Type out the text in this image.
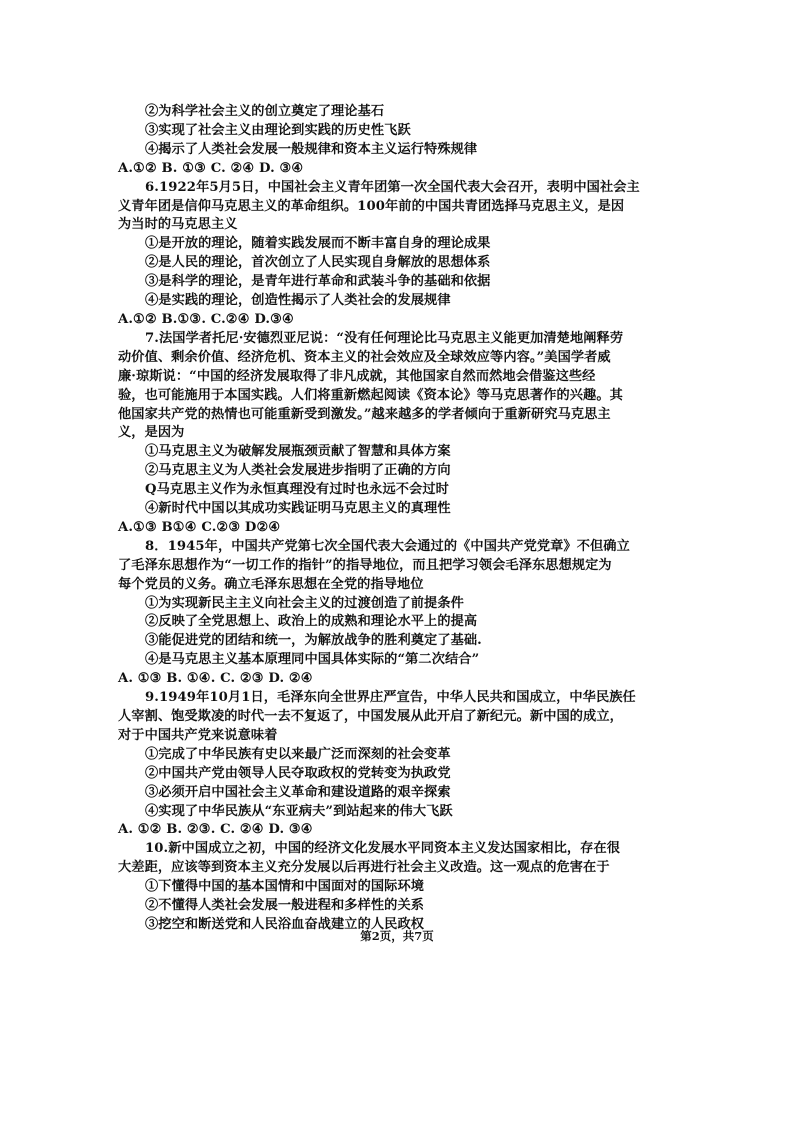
②为科学社会主义的创立奠定了理论基石
③实现了社会主义由理论到实践的历史性飞跃
④揭示了人类社会发展一般规律和资本主义运行特殊规律
A.①② B. ①③ C. ②④ D. ③④
6.1922年5月5日，中国社会主义青年团第一次全国代表大会召开，表明中国社会主
义青年团是信仰马克思主义的革命组织。100年前的中国共青团选择马克思主义，是因
为当时的马克思主义
①是开放的理论，随着实践发展而不断丰富自身的理论成果
②是人民的理论，首次创立了人民实现自身解放的思想体系
③是科学的理论，是青年进行革命和武装斗争的基础和依据
④是实践的理论，创造性揭示了人类社会的发展规律
A.①② B.①③. C.②④ D.③④
7.法国学者托尼·安德烈亚尼说：“没有任何理论比马克思主义能更加清楚地阐释劳
动价值、剩余价值、经济危机、资本主义的社会效应及全球效应等内容。”美国学者威
廉·琼斯说：“中国的经济发展取得了非凡成就，其他国家自然而然地会借鉴这些经
验，也可能施用于本国实践。人们将重新燃起阅读《资本论》等马克思著作的兴趣。其
他国家共产党的热情也可能重新受到激发。”越来越多的学者倾向于重新研究马克思主
义，是因为
①马克思主义为破解发展瓶颈贡献了智慧和具体方案
②马克思主义为人类社会发展进步指明了正确的方向
Q马克思主义作为永恒真理没有过时也永远不会过时
④新时代中国以其成功实践证明马克思主义的真理性
A.①③ B①④ C.②③ D②④
8．1945年，中国共产党第七次全国代表大会通过的《中国共产党党章》不但确立
了毛泽东思想作为“一切工作的指针”的指导地位，而且把学习领会毛泽东思想规定为
每个党员的义务。确立毛泽东思想在全党的指导地位
①为实现新民主主义向社会主义的过渡创造了前提条件
②反映了全党思想上、政治上的成熟和理论水平上的提高
③能促进党的团结和统一，为解放战争的胜利奠定了基础.
④是马克思主义基本原理同中国具体实际的“第二次结合”
A. ①③ B. ①④. C. ②③ D. ②④
9.1949年10月1日，毛泽东向全世界庄严宣告，中华人民共和国成立，中华民族任
人宰割、饱受欺凌的时代一去不复返了，中国发展从此开启了新纪元。新中国的成立，
对于中国共产党来说意味着
①完成了中华民族有史以来最广泛而深刻的社会变革
②中国共产党由领导人民夺取政权的党转变为执政党
③必须开启中国社会主义革命和建设道路的艰辛探索
④实现了中华民族从“东亚病夫”到站起来的伟大飞跃
A. ①② B. ②③. C. ②④ D. ③④
10.新中国成立之初，中国的经济文化发展水平同资本主义发达国家相比，存在很
大差距，应该等到资本主义充分发展以后再进行社会主义改造。这一观点的危害在于
①下懂得中国的基本国情和中国面对的国际环境
②不懂得人类社会发展一般进程和多样性的关系
③挖空和断送党和人民浴血奋战建立的人民政权
第2页，共7页
